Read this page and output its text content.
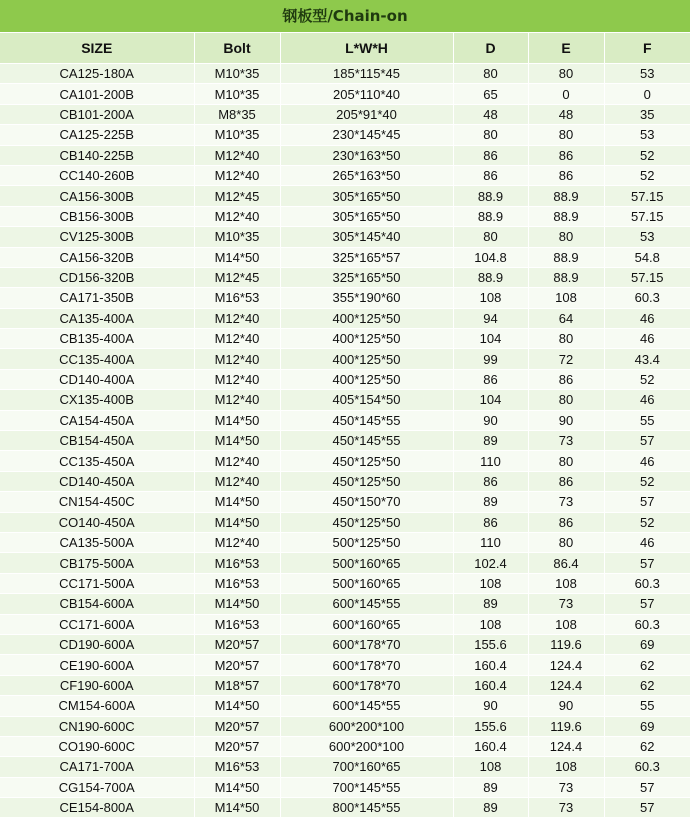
钢板型/Chain-on
SIZE	Bolt	L*W*H	D	E	F
CA125-180A	M10*35	185*115*45	80	80	53
CA101-200B	M10*35	205*110*40	65	0	0
CB101-200A	M8*35	205*91*40	48	48	35
CA125-225B	M10*35	230*145*45	80	80	53
CB140-225B	M12*40	230*163*50	86	86	52
CC140-260B	M12*40	265*163*50	86	86	52
CA156-300B	M12*45	305*165*50	88.9	88.9	57.15
CB156-300B	M12*40	305*165*50	88.9	88.9	57.15
CV125-300B	M10*35	305*145*40	80	80	53
CA156-320B	M14*50	325*165*57	104.8	88.9	54.8
CD156-320B	M12*45	325*165*50	88.9	88.9	57.15
CA171-350B	M16*53	355*190*60	108	108	60.3
CA135-400A	M12*40	400*125*50	94	64	46
CB135-400A	M12*40	400*125*50	104	80	46
CC135-400A	M12*40	400*125*50	99	72	43.4
CD140-400A	M12*40	400*125*50	86	86	52
CX135-400B	M12*40	405*154*50	104	80	46
CA154-450A	M14*50	450*145*55	90	90	55
CB154-450A	M14*50	450*145*55	89	73	57
CC135-450A	M12*40	450*125*50	110	80	46
CD140-450A	M12*40	450*125*50	86	86	52
CN154-450C	M14*50	450*150*70	89	73	57
CO140-450A	M14*50	450*125*50	86	86	52
CA135-500A	M12*40	500*125*50	110	80	46
CB175-500A	M16*53	500*160*65	102.4	86.4	57
CC171-500A	M16*53	500*160*65	108	108	60.3
CB154-600A	M14*50	600*145*55	89	73	57
CC171-600A	M16*53	600*160*65	108	108	60.3
CD190-600A	M20*57	600*178*70	155.6	119.6	69
CE190-600A	M20*57	600*178*70	160.4	124.4	62
CF190-600A	M18*57	600*178*70	160.4	124.4	62
CM154-600A	M14*50	600*145*55	90	90	55
CN190-600C	M20*57	600*200*100	155.6	119.6	69
CO190-600C	M20*57	600*200*100	160.4	124.4	62
CA171-700A	M16*53	700*160*65	108	108	60.3
CG154-700A	M14*50	700*145*55	89	73	57
CE154-800A	M14*50	800*145*55	89	73	57
